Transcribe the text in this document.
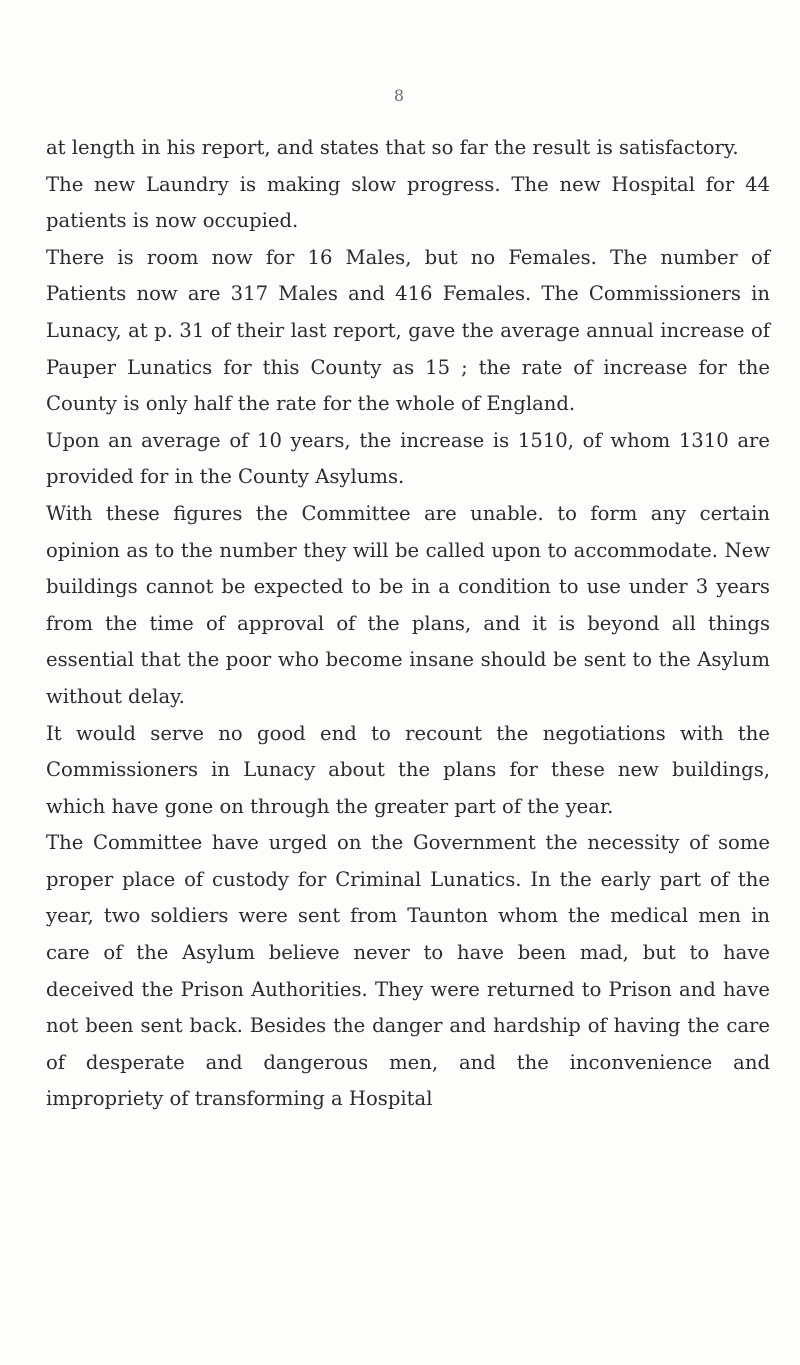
8

at length in his report, and states that so far the result is satisfactory.

The new Laundry is making slow progress. The new Hospital for 44 patients is now occupied.

There is room now for 16 Males, but no Females. The number of Patients now are 317 Males and 416 Females. The Commissioners in Lunacy, at p. 31 of their last report, gave the average annual increase of Pauper Lunatics for this County as 15 ; the rate of increase for the County is only half the rate for the whole of England.

Upon an average of 10 years, the increase is 1510, of whom 1310 are provided for in the County Asylums.

With these figures the Committee are unable. to form any certain opinion as to the number they will be called upon to accommodate. New buildings cannot be expected to be in a condition to use under 3 years from the time of approval of the plans, and it is beyond all things essential that the poor who become insane should be sent to the Asylum without delay.

It would serve no good end to recount the negotiations with the Commissioners in Lunacy about the plans for these new buildings, which have gone on through the greater part of the year.

The Committee have urged on the Government the necessity of some proper place of custody for Criminal Lunatics. In the early part of the year, two soldiers were sent from Taunton whom the medical men in care of the Asylum believe never to have been mad, but to have deceived the Prison Authorities. They were returned to Prison and have not been sent back. Besides the danger and hardship of having the care of desperate and dangerous men, and the inconvenience and impropriety of transforming a Hospital
